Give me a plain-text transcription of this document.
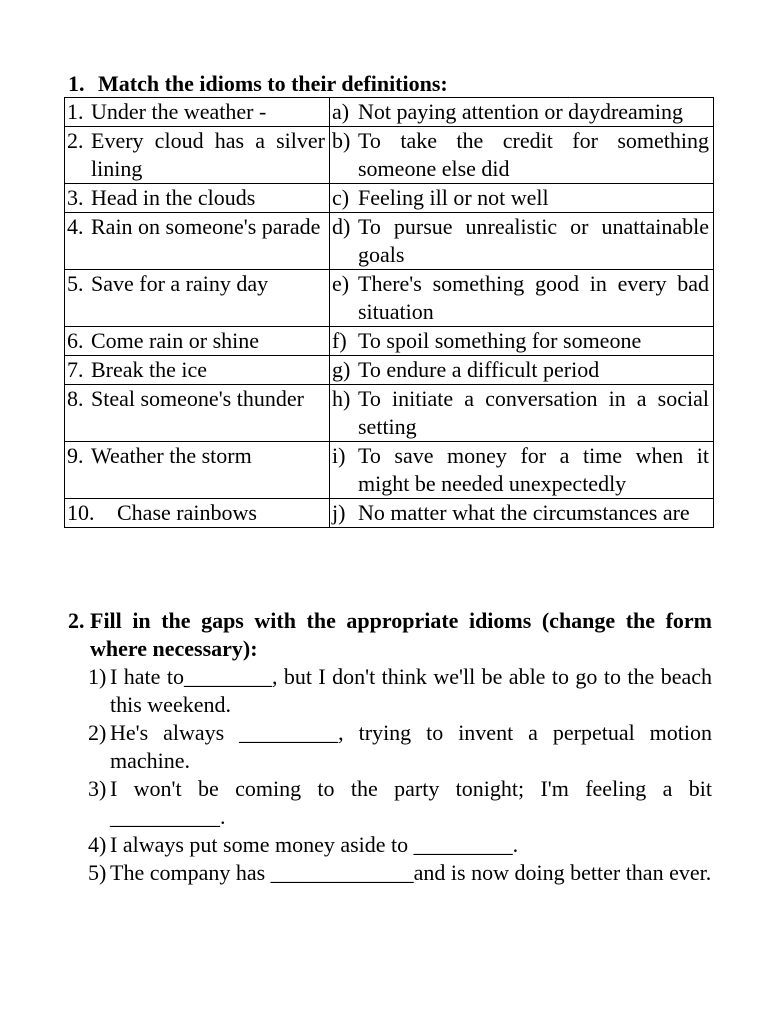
1. Match the idioms to their definitions:
1. Under the weather -	a) Not paying attention or daydreaming

2. Every cloud has a silver lining	b) To take the credit for something someone else did

3. Head in the clouds	c) Feeling ill or not well

4. Rain on someone's parade	d) To pursue unrealistic or unattainable goals

5. Save for a rainy day	e) There's something good in every bad situation

6. Come rain or shine	f) To spoil something for someone

7. Break the ice	g) To endure a difficult period

8. Steal someone's thunder	h) To initiate a conversation in a social setting

9. Weather the storm	i) To save money for a time when it might be needed unexpectedly

10. Chase rainbows	j) No matter what the circumstances are
2. Fill in the gaps with the appropriate idioms (change the form where necessary):
1) I hate to________, but I don't think we'll be able to go to the beach this weekend.
2) He's always _________, trying to invent a perpetual motion machine.
3) I won't be coming to the party tonight; I'm feeling a bit __________.
4) I always put some money aside to _________.
5) The company has _____________and is now doing better than ever.
